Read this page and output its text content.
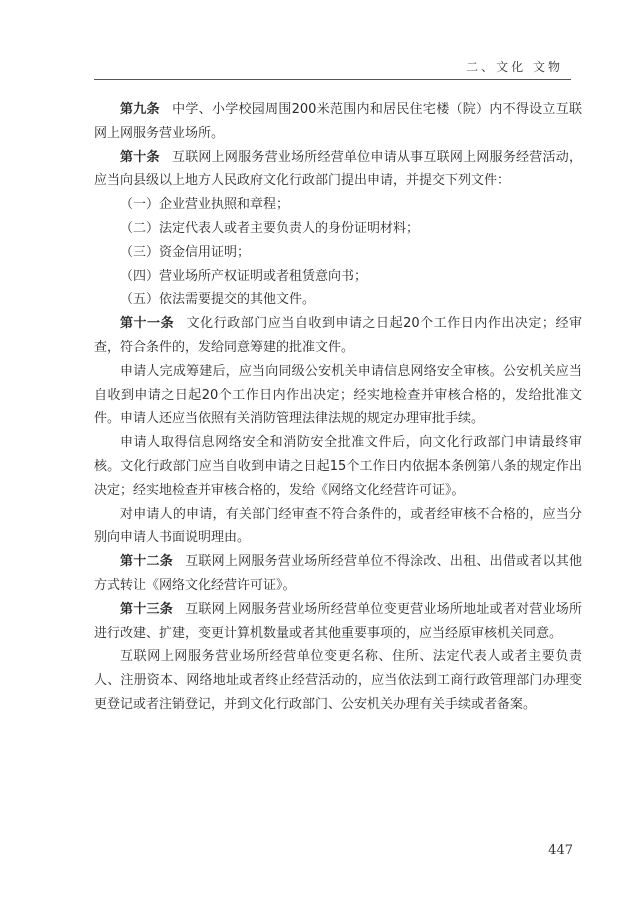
二、文化 文物

第九条 中学、小学校园周围200米范围内和居民住宅楼（院）内不得设立互联网上网服务营业场所。

第十条 互联网上网服务营业场所经营单位申请从事互联网上网服务经营活动，应当向县级以上地方人民政府文化行政部门提出申请，并提交下列文件：

（一）企业营业执照和章程；

（二）法定代表人或者主要负责人的身份证明材料；

（三）资金信用证明；

（四）营业场所产权证明或者租赁意向书；

（五）依法需要提交的其他文件。

第十一条 文化行政部门应当自收到申请之日起20个工作日内作出决定；经审查，符合条件的，发给同意筹建的批准文件。

申请人完成筹建后，应当向同级公安机关申请信息网络安全审核。公安机关应当自收到申请之日起20个工作日内作出决定；经实地检查并审核合格的，发给批准文件。申请人还应当依照有关消防管理法律法规的规定办理审批手续。

申请人取得信息网络安全和消防安全批准文件后，向文化行政部门申请最终审核。文化行政部门应当自收到申请之日起15个工作日内依据本条例第八条的规定作出决定；经实地检查并审核合格的，发给《网络文化经营许可证》。

对申请人的申请，有关部门经审查不符合条件的，或者经审核不合格的，应当分别向申请人书面说明理由。

第十二条 互联网上网服务营业场所经营单位不得涂改、出租、出借或者以其他方式转让《网络文化经营许可证》。

第十三条 互联网上网服务营业场所经营单位变更营业场所地址或者对营业场所进行改建、扩建，变更计算机数量或者其他重要事项的，应当经原审核机关同意。

互联网上网服务营业场所经营单位变更名称、住所、法定代表人或者主要负责人、注册资本、网络地址或者终止经营活动的，应当依法到工商行政管理部门办理变更登记或者注销登记，并到文化行政部门、公安机关办理有关手续或者备案。

447
